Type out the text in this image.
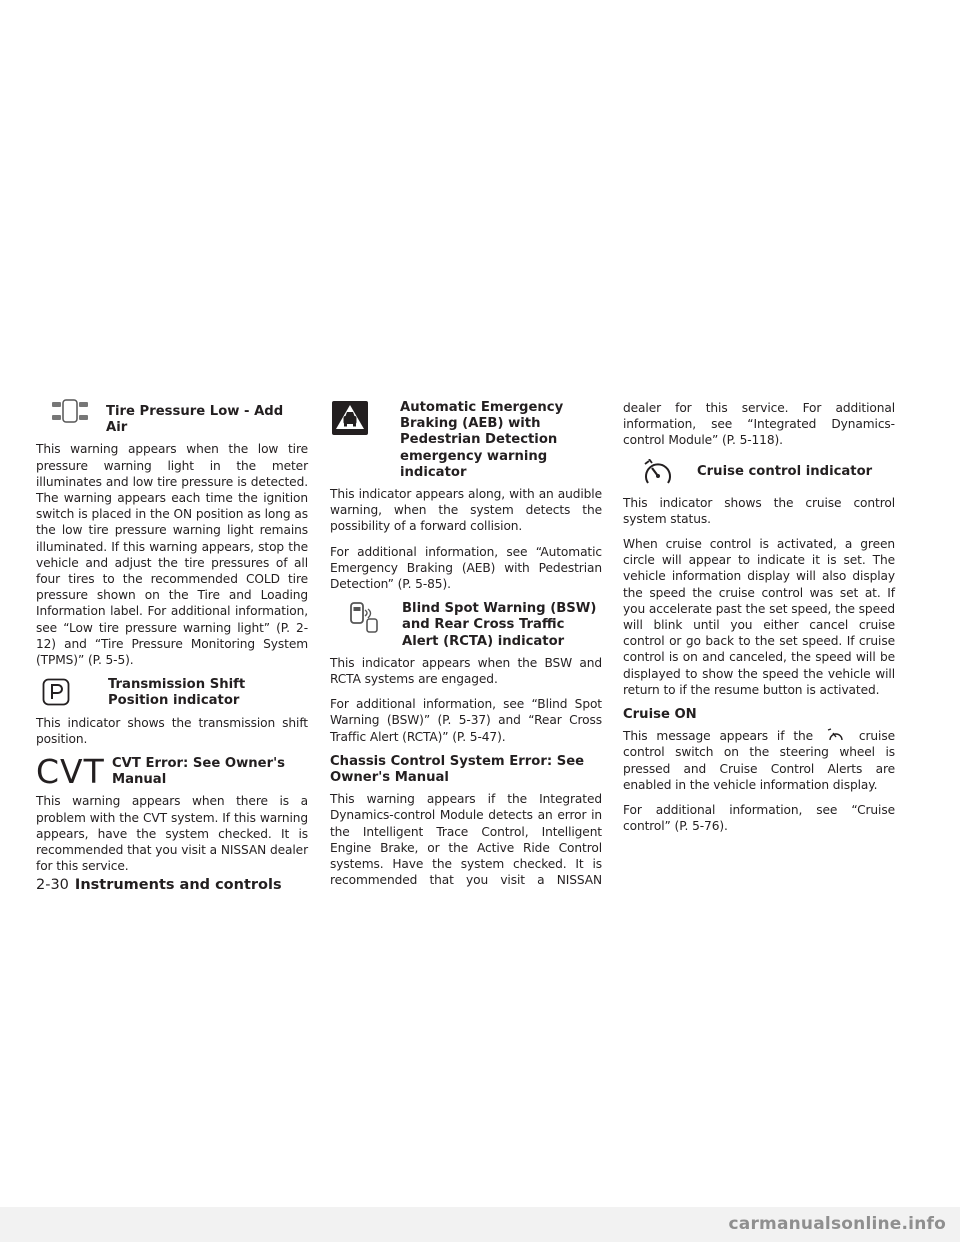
Tire Pressure Low - Add Air

This warning appears when the low tire pressure warning light in the meter illuminates and low tire pressure is detected. The warning appears each time the ignition switch is placed in the ON position as long as the low tire pressure warning light remains illuminated. If this warning appears, stop the vehicle and adjust the tire pressures of all four tires to the recommended COLD tire pressure shown on the Tire and Loading Information label. For additional information, see “Low tire pressure warning light” (P. 2-12) and “Tire Pressure Monitoring System (TPMS)” (P. 5-5).

Transmission Shift Position indicator

This indicator shows the transmission shift position.

CVT CVT Error: See Owner's Manual

This warning appears when there is a problem with the CVT system. If this warning appears, have the system checked. It is recommended that you visit a NISSAN dealer for this service.

Automatic Emergency Braking (AEB) with Pedestrian Detection emergency warning indicator

This indicator appears along, with an audible warning, when the system detects the possibility of a forward collision.

For additional information, see “Automatic Emergency Braking (AEB) with Pedestrian Detection” (P. 5-85).

Blind Spot Warning (BSW) and Rear Cross Traffic Alert (RCTA) indicator

This indicator appears when the BSW and RCTA systems are engaged.

For additional information, see “Blind Spot Warning (BSW)” (P. 5-37) and “Rear Cross Traffic Alert (RCTA)” (P. 5-47).

Chassis Control System Error: See Owner's Manual

This warning appears if the Integrated Dynamics-control Module detects an error in the Intelligent Trace Control, Intelligent Engine Brake, or the Active Ride Control systems. Have the system checked. It is recommended that you visit a NISSAN

dealer for this service. For additional information, see “Integrated Dynamics-control Module” (P. 5-118).

Cruise control indicator

This indicator shows the cruise control system status.

When cruise control is activated, a green circle will appear to indicate it is set. The vehicle information display will also display the speed the cruise control was set at. If you accelerate past the set speed, the speed will blink until you either cancel cruise control or go back to the set speed. If cruise control is on and canceled, the speed will be displayed to show the speed the vehicle will return to if the resume button is activated.

Cruise ON

This message appears if the	cruise control switch on the steering wheel is pressed and Cruise Control Alerts are enabled in the vehicle information display.

For additional information, see “Cruise control” (P. 5-76).

2-30 Instruments and controls
carmanualsonline.info
